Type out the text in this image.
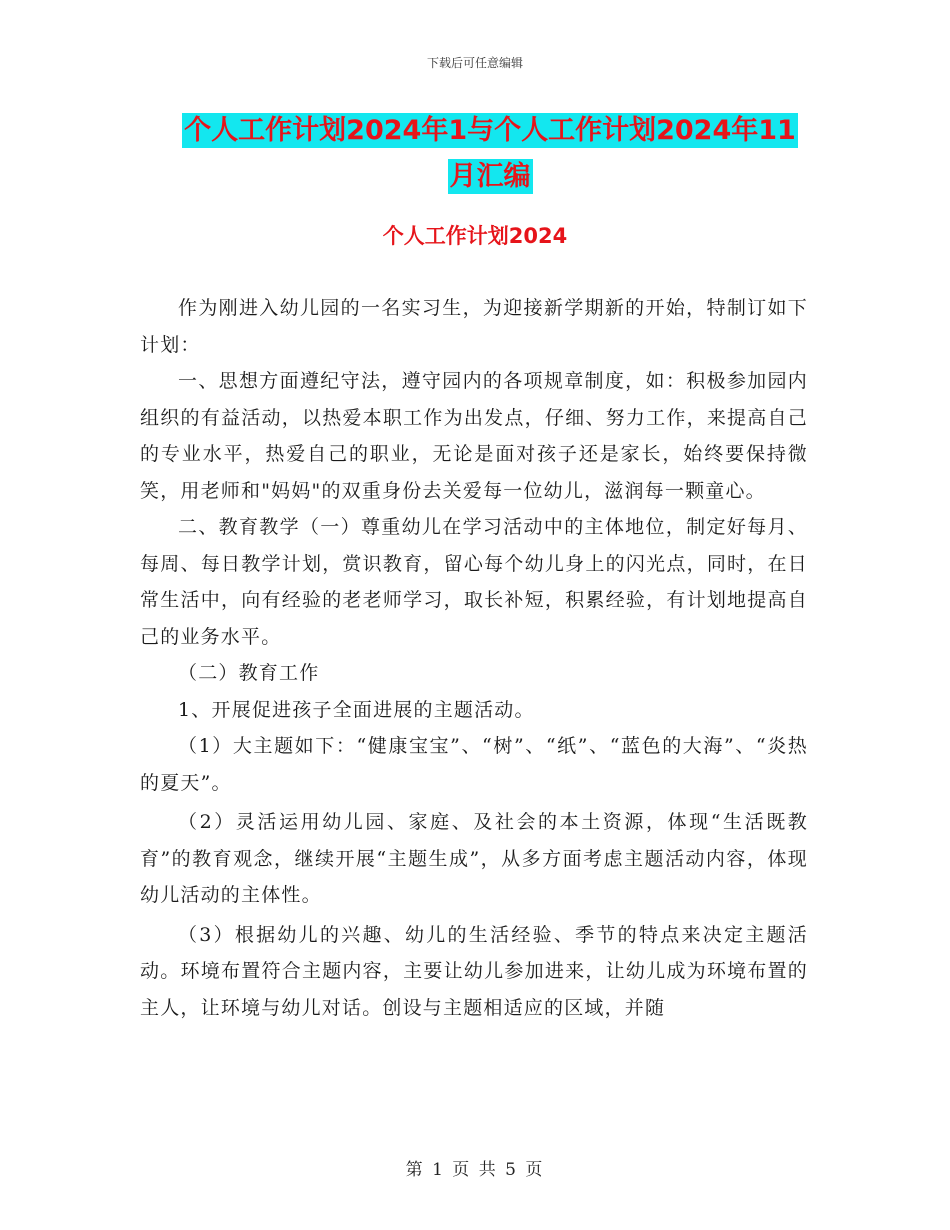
下载后可任意编辑
个人工作计划2024年1与个人工作计划2024年11月汇编
个人工作计划2024

作为刚进入幼儿园的一名实习生，为迎接新学期新的开始，特制订如下计划：

一、思想方面遵纪守法，遵守园内的各项规章制度，如：积极参加园内组织的有益活动，以热爱本职工作为出发点，仔细、努力工作，来提高自己的专业水平，热爱自己的职业，无论是面对孩子还是家长，始终要保持微笑，用老师和"妈妈"的双重身份去关爱每一位幼儿，滋润每一颗童心。

二、教育教学（一）尊重幼儿在学习活动中的主体地位，制定好每月、每周、每日教学计划，赏识教育，留心每个幼儿身上的闪光点，同时，在日常生活中，向有经验的老老师学习，取长补短，积累经验，有计划地提高自己的业务水平。

（二）教育工作

1、开展促进孩子全面进展的主题活动。

（1）大主题如下：“健康宝宝”、“树”、“纸”、“蓝色的大海”、“炎热的夏天”。

（2）灵活运用幼儿园、家庭、及社会的本土资源，体现“生活既教育”的教育观念，继续开展“主题生成”，从多方面考虑主题活动内容，体现幼儿活动的主体性。

（3）根据幼儿的兴趣、幼儿的生活经验、季节的特点来决定主题活动。环境布置符合主题内容，主要让幼儿参加进来，让幼儿成为环境布置的主人，让环境与幼儿对话。创设与主题相适应的区域，并随

第 1 页 共 5 页
